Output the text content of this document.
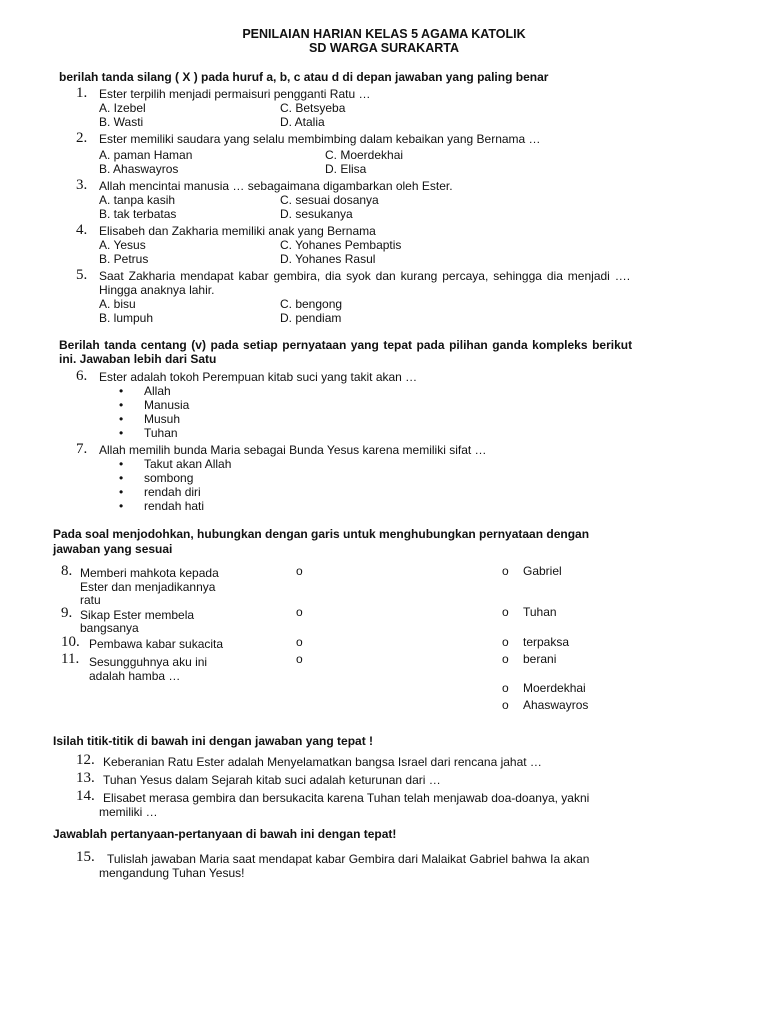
PENILAIAN HARIAN KELAS 5 AGAMA KATOLIK
SD WARGA SURAKARTA
berilah tanda silang ( X ) pada huruf a, b, c atau d di depan jawaban yang paling benar
1. Ester terpilih menjadi permaisuri pengganti Ratu …
A. Izebel
B. Wasti
C. Betsyeba
D. Atalia
2. Ester memiliki saudara yang selalu membimbing dalam kebaikan yang Bernama …
A. paman Haman
B. Ahaswayros
C. Moerdekhai
D. Elisa
3. Allah mencintai manusia … sebagaimana digambarkan oleh Ester.
A. tanpa kasih
B. tak terbatas
C. sesuai dosanya
D. sesukanya
4. Elisabeh dan Zakharia memiliki anak yang Bernama
A. Yesus
B. Petrus
C. Yohanes Pembaptis
D. Yohanes Rasul
5. Saat Zakharia mendapat kabar gembira, dia syok dan kurang percaya, sehingga dia menjadi ….
Hingga anaknya lahir.
A. bisu
B. lumpuh
C. bengong
D. pendiam
Berilah tanda centang (v) pada setiap pernyataan yang tepat pada pilihan ganda kompleks berikut
ini. Jawaban lebih dari Satu
6. Ester adalah tokoh Perempuan kitab suci yang takit akan …
• Allah
• Manusia
• Musuh
• Tuhan
7. Allah memilih bunda Maria sebagai Bunda Yesus karena memiliki sifat …
• Takut akan Allah
• sombong
• rendah diri
• rendah hati
Pada soal menjodohkan, hubungkan dengan garis untuk menghubungkan pernyataan dengan
jawaban yang sesuai
8. Memberi mahkota kepada
Ester dan menjadikannya
ratu
9. Sikap Ester membela
bangsanya
10. Pembawa kabar sukacita
11. Sesungguhnya aku ini
adalah hamba …
o
o
o
o
o Gabriel
o Tuhan
o terpaksa
o berani
o Moerdekhai
o Ahaswayros
Isilah titik-titik di bawah ini dengan jawaban yang tepat !
12. Keberanian Ratu Ester adalah Menyelamatkan bangsa Israel dari rencana jahat …
13. Tuhan Yesus dalam Sejarah kitab suci adalah keturunan dari …
14. Elisabet merasa gembira dan bersukacita karena Tuhan telah menjawab doa-doanya, yakni
memiliki …
Jawablah pertanyaan-pertanyaan di bawah ini dengan tepat!
15. Tulislah jawaban Maria saat mendapat kabar Gembira dari Malaikat Gabriel bahwa Ia akan
mengandung Tuhan Yesus!
